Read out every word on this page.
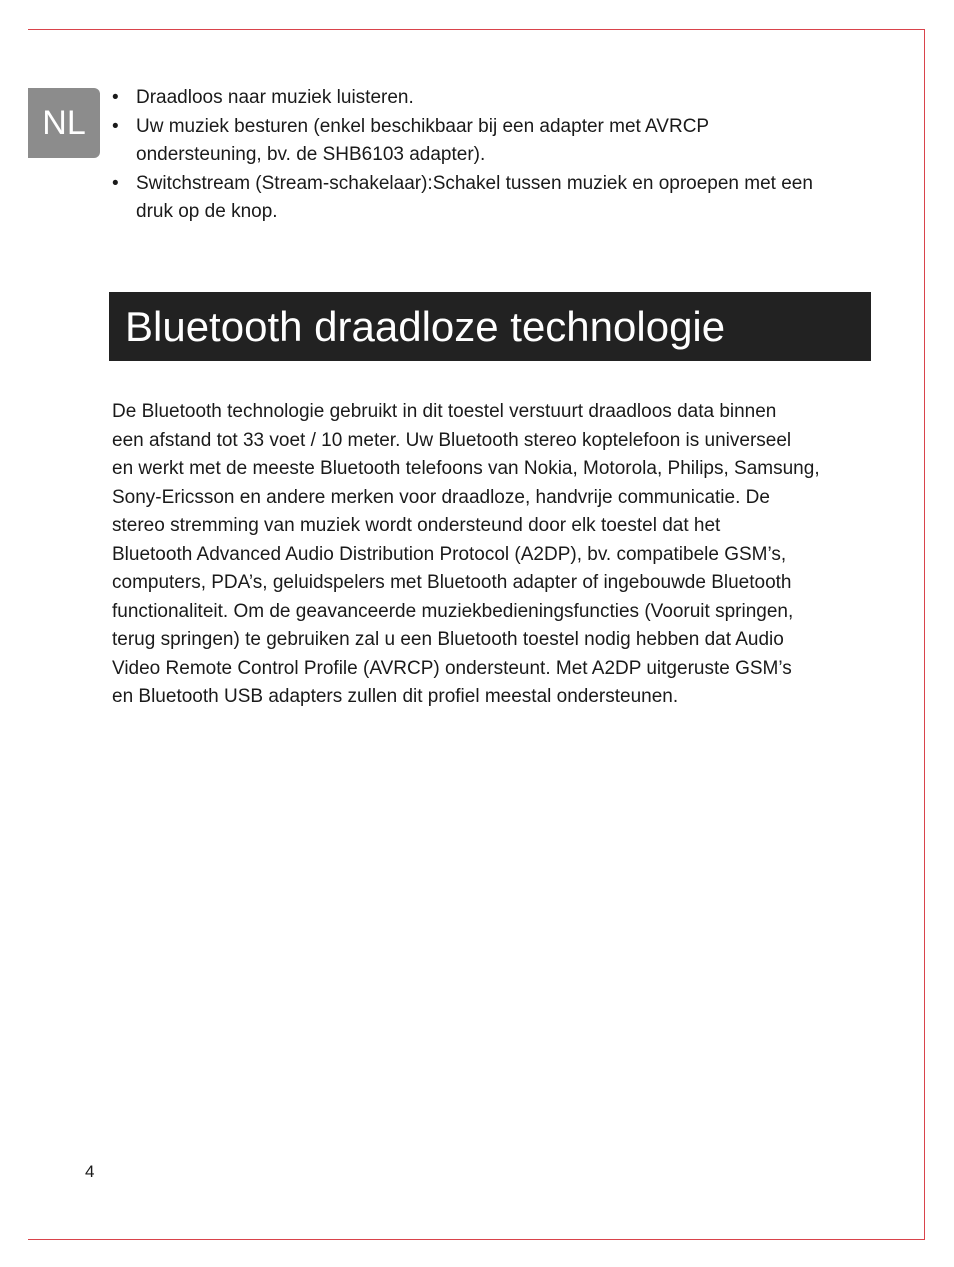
NL
• Draadloos naar muziek luisteren.
• Uw muziek besturen (enkel beschikbaar bij een adapter met AVRCP
ondersteuning, bv. de SHB6103 adapter).
• Switchstream (Stream-schakelaar):Schakel tussen muziek en oproepen met een
druk op de knop.
Bluetooth draadloze technologie

De Bluetooth technologie gebruikt in dit toestel verstuurt draadloos data binnen
een afstand tot 33 voet / 10 meter. Uw Bluetooth stereo koptelefoon is universeel
en werkt met de meeste Bluetooth telefoons van Nokia, Motorola, Philips, Samsung,
Sony-Ericsson en andere merken voor draadloze, handvrije communicatie. De
stereo stremming van muziek wordt ondersteund door elk toestel dat het
Bluetooth Advanced Audio Distribution Protocol (A2DP), bv. compatibele GSM’s,
computers, PDA’s, geluidspelers met Bluetooth adapter of ingebouwde Bluetooth
functionaliteit. Om de geavanceerde muziekbedieningsfuncties (Vooruit springen,
terug springen) te gebruiken zal u een Bluetooth toestel nodig hebben dat Audio
Video Remote Control Profile (AVRCP) ondersteunt. Met A2DP uitgeruste GSM’s
en Bluetooth USB adapters zullen dit profiel meestal ondersteunen.

4
